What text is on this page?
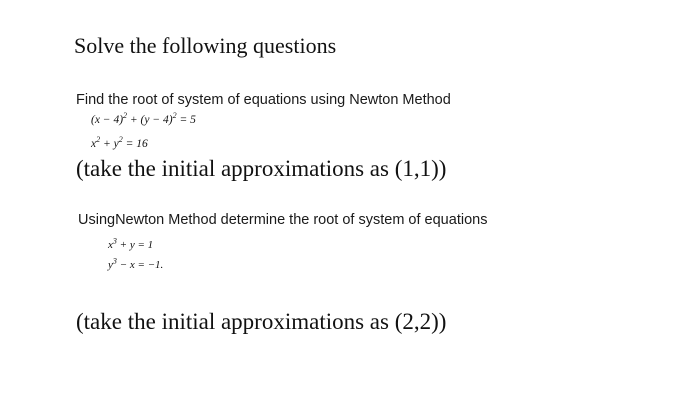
Solve the following questions
Find the root of system of equations using Newton Method
$(x - 4)^2 + (y - 4)^2 = 5$
$x^2 + y^2 = 16$
(take the initial approximations as (1,1))
UsingNewton Method determine the root of system of equations
$x^3 + y = 1$
$y^3 - x = -1$.
(take the initial approximations as (2,2))
